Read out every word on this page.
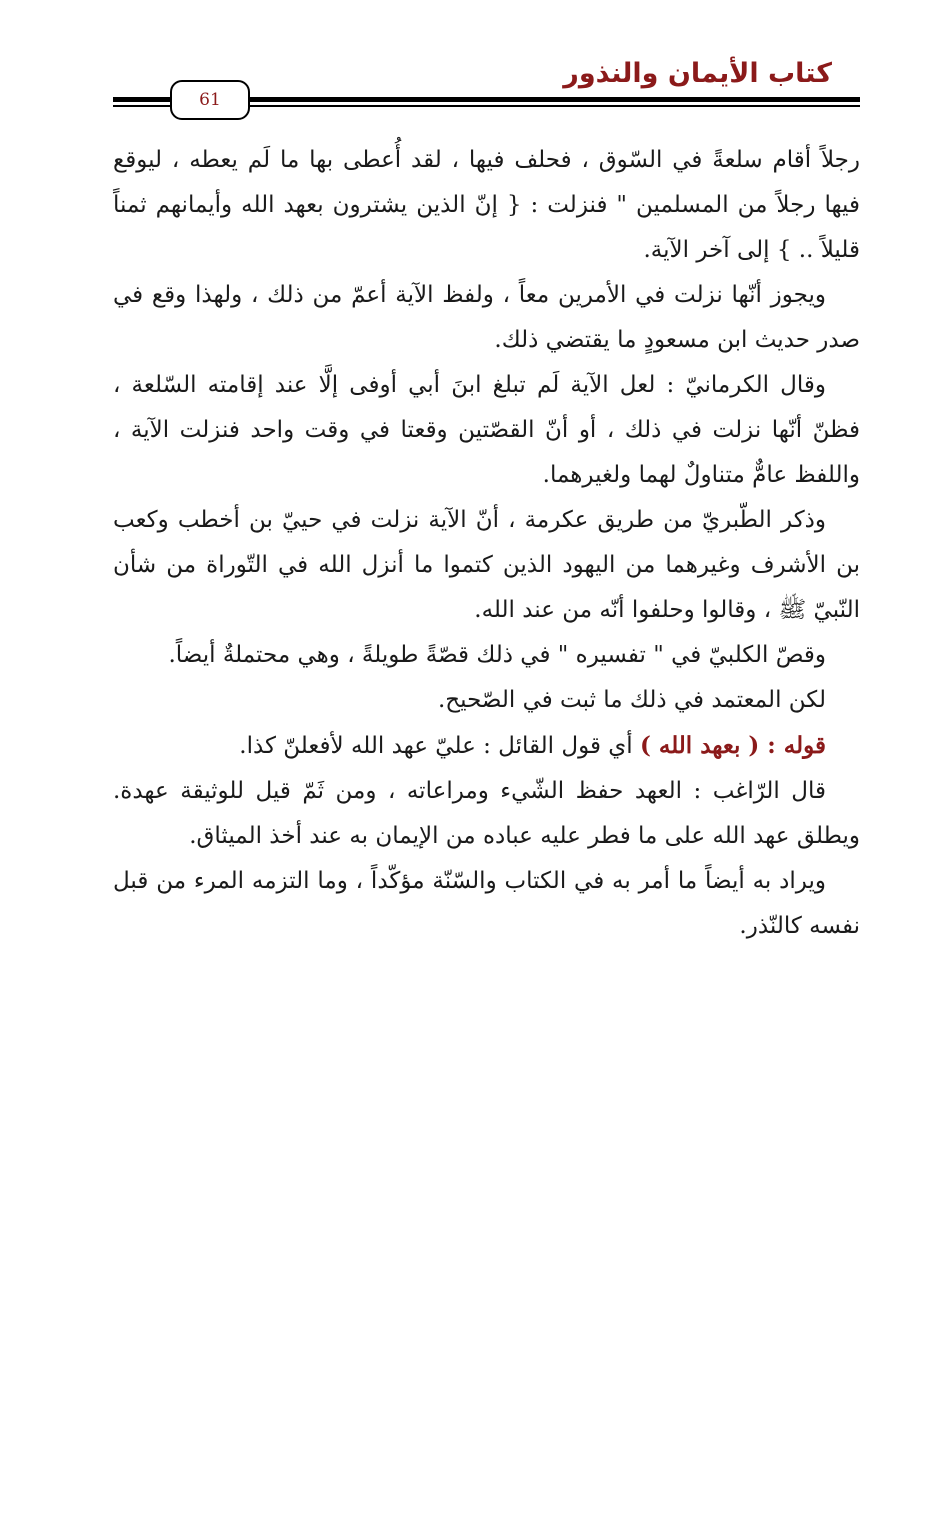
كتاب الأيمان والنذور
61

رجلاً أقام سلعةً في السّوق ، فحلف فيها ، لقد أُعطى بها ما لَم يعطه ، ليوقع فيها رجلاً من المسلمين " فنزلت : { إنّ الذين يشترون بعهد الله وأيمانهم ثمناً قليلاً .. } إلى آخر الآية.

ويجوز أنّها نزلت في الأمرين معاً ، ولفظ الآية أعمّ من ذلك ، ولهذا وقع في صدر حديث ابن مسعودٍ ما يقتضي ذلك.

وقال الكرمانيّ : لعل الآية لَم تبلغ ابنَ أبي أوفى إلَّا عند إقامته السّلعة ، فظنّ أنّها نزلت في ذلك ، أو أنّ القصّتين وقعتا في وقت واحد فنزلت الآية ، واللفظ عامٌّ متناولٌ لهما ولغيرهما.

وذكر الطّبريّ من طريق عكرمة ، أنّ الآية نزلت في حييّ بن أخطب وكعب بن الأشرف وغيرهما من اليهود الذين كتموا ما أنزل الله في التّوراة من شأن النّبيّ ﷺ ، وقالوا وحلفوا أنّه من عند الله.

وقصّ الكلبيّ في " تفسيره " في ذلك قصّةً طويلةً ، وهي محتملةٌ أيضاً.

لكن المعتمد في ذلك ما ثبت في الصّحيح.

قوله : ( بعهد الله ) أي قول القائل : عليّ عهد الله لأفعلنّ كذا.

قال الرّاغب : العهد حفظ الشّيء ومراعاته ، ومن ثَمّ قيل للوثيقة عهدة. ويطلق عهد الله على ما فطر عليه عباده من الإيمان به عند أخذ الميثاق.

ويراد به أيضاً ما أمر به في الكتاب والسّنّة مؤكّداً ، وما التزمه المرء من قبل نفسه كالنّذر.
